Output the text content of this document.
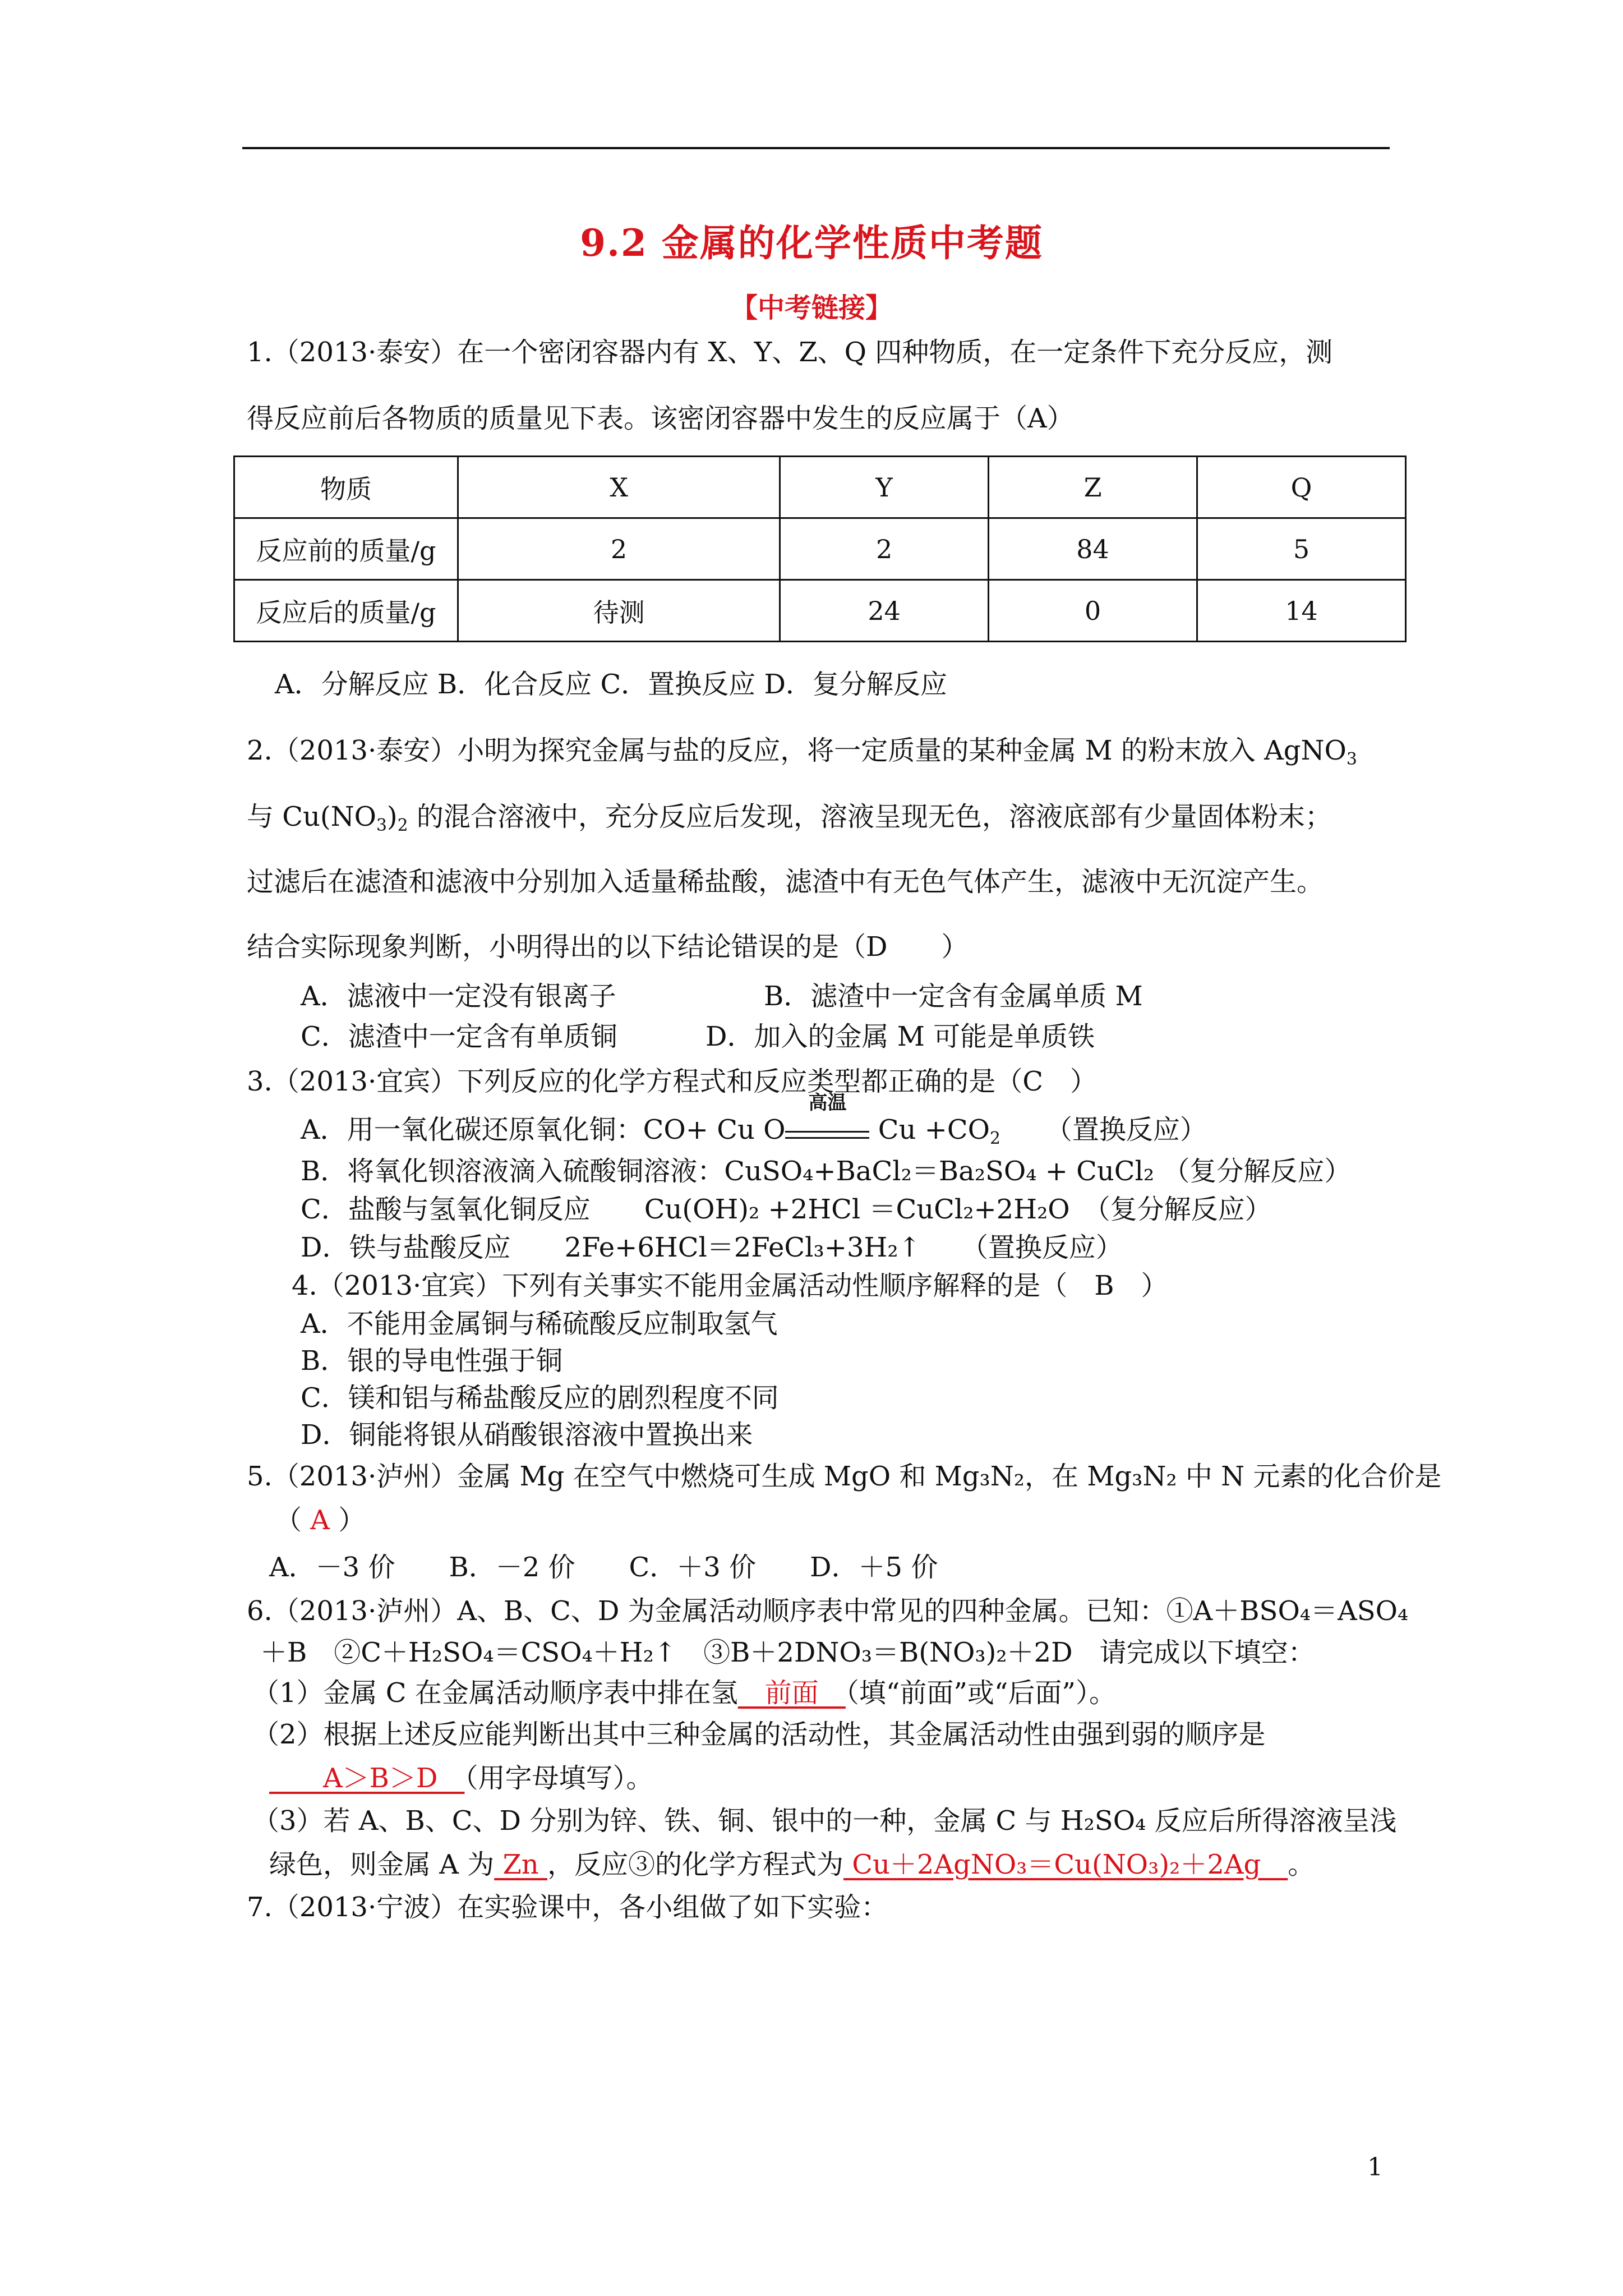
9.2 金属的化学性质中考题
【中考链接】
1.（2013·泰安）在一个密闭容器内有 X、Y、Z、Q 四种物质，在一定条件下充分反应，测
得反应前后各物质的质量见下表。该密闭容器中发生的反应属于（A）
物质	X	Y	Z	Q
反应前的质量/g	2	2	84	5
反应后的质量/g	待测	24	0	14
A．分解反应 B．化合反应 C．置换反应 D．复分解反应
2.（2013·泰安）小明为探究金属与盐的反应，将一定质量的某种金属 M 的粉末放入 AgNO$_3$
与 $Cu(NO_3)_2$ 的混合溶液中，充分反应后发现，溶液呈现无色，溶液底部有少量固体粉末；
过滤后在滤渣和滤液中分别加入适量稀盐酸，滤渣中有无色气体产生，滤液中无沉淀产生。
结合实际现象判断，小明得出的以下结论错误的是（D　　）
A．滤液中一定没有银离子	B．滤渣中一定含有金属单质 M
C．滤渣中一定含有单质铜	D．加入的金属 M 可能是单质铁
3.（2013·宜宾）下列反应的化学方程式和反应类型都正确的是（C　）
A．用一氧化碳还原氧化铜：CO+ Cu O
高温
$Cu +CO_2$ （置换反应）
B．将氧化钡溶液滴入硫酸铜溶液：CuSO₄+BaCl₂＝Ba₂SO₄ + CuCl₂ （复分解反应）
C．盐酸与氢氧化铜反应　　Cu(OH)₂ +2HCl ＝CuCl₂+2H₂O　（复分解反应）
D．铁与盐酸反应　　2Fe+6HCl＝2FeCl₃+3H₂↑　　（置换反应）
4.（2013·宜宾）下列有关事实不能用金属活动性顺序解释的是（　B　）
A．不能用金属铜与稀硫酸反应制取氢气
B．银的导电性强于铜
C．镁和铝与稀盐酸反应的剧烈程度不同
D．铜能将银从硝酸银溶液中置换出来
5.（2013·泸州）金属 Mg 在空气中燃烧可生成 MgO 和 Mg₃N₂，在 Mg₃N₂ 中 N 元素的化合价是
（ A ）
A．－3 价　　B．－2 价　　C．＋3 价　　D．＋5 价
6.（2013·泸州）A、B、C、D 为金属活动顺序表中常见的四种金属。已知：①A＋BSO₄＝ASO₄
＋B　②C＋H₂SO₄＝CSO₄＋H₂↑　③B＋2DNO₃＝B(NO₃)₂＋2D　请完成以下填空：
（1）金属 C 在金属活动顺序表中排在氢　前面　（填“前面”或“后面”）。
（2）根据上述反应能判断出其中三种金属的活动性，其金属活动性由强到弱的顺序是
　　A＞B＞D　（用字母填写）。
（3）若 A、B、C、D 分别为锌、铁、铜、银中的一种，金属 C 与 H₂SO₄ 反应后所得溶液呈浅
绿色，则金属 A 为 Zn ，反应③的化学方程式为 Cu＋2AgNO₃＝Cu(NO₃)₂＋2Ag　。
7.（2013·宁波）在实验课中，各小组做了如下实验：
1
